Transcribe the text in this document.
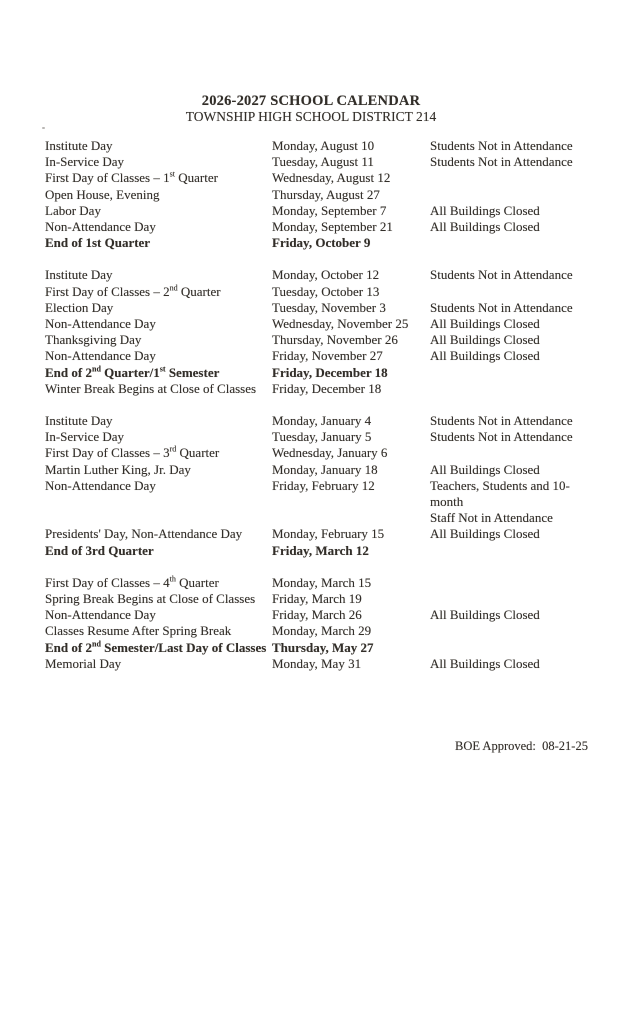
2026-2027 SCHOOL CALENDAR
TOWNSHIP HIGH SCHOOL DISTRICT 214
Institute Day	Monday, August 10	Students Not in Attendance
In-Service Day	Tuesday, August 11	Students Not in Attendance
First Day of Classes – 1st Quarter	Wednesday, August 12
Open House, Evening	Thursday, August 27
Labor Day	Monday, September 7	All Buildings Closed
Non-Attendance Day	Monday, September 21	All Buildings Closed
End of 1st Quarter	Friday, October 9
Institute Day	Monday, October 12	Students Not in Attendance
First Day of Classes – 2nd Quarter	Tuesday, October 13
Election Day	Tuesday, November 3	Students Not in Attendance
Non-Attendance Day	Wednesday, November 25	All Buildings Closed
Thanksgiving Day	Thursday, November 26	All Buildings Closed
Non-Attendance Day	Friday, November 27	All Buildings Closed
End of 2nd Quarter/1st Semester	Friday, December 18
Winter Break Begins at Close of Classes	Friday, December 18
Institute Day	Monday, January 4	Students Not in Attendance
In-Service Day	Tuesday, January 5	Students Not in Attendance
First Day of Classes – 3rd Quarter	Wednesday, January 6
Martin Luther King, Jr. Day	Monday, January 18	All Buildings Closed
Non-Attendance Day	Friday, February 12	Teachers, Students and 10-month
Staff Not in Attendance
Presidents' Day, Non-Attendance Day	Monday, February 15	All Buildings Closed
End of 3rd Quarter	Friday, March 12
First Day of Classes – 4th Quarter	Monday, March 15
Spring Break Begins at Close of Classes	Friday, March 19
Non-Attendance Day	Friday, March 26	All Buildings Closed
Classes Resume After Spring Break	Monday, March 29
End of 2nd Semester/Last Day of Classes Thursday, May 27
Memorial Day	Monday, May 31	All Buildings Closed
BOE Approved:  08-21-25
